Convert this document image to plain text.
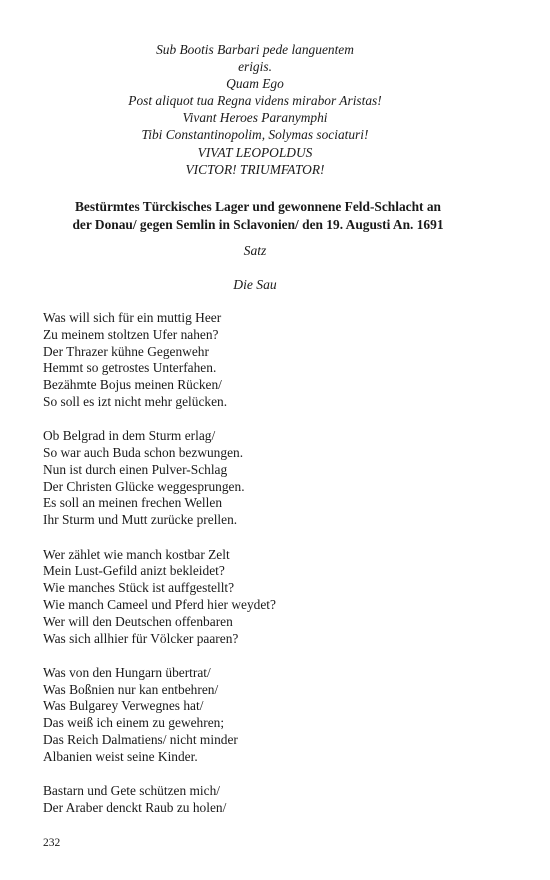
Sub Bootis Barbari pede languentem
erigis.
Quam Ego
Post aliquot tua Regna videns mirabor Aristas!
Vivant Heroes Paranymphi
Tibi Constantinopolim, Solymas sociaturi!
VIVAT LEOPOLDUS
VICTOR! TRIUMFATOR!
Bestürmtes Türckisches Lager und gewonnene Feld-Schlacht an
der Donau/ gegen Semlin in Sclavonien/ den 19. Augusti An. 1691
Satz
Die Sau
Was will sich für ein muttig Heer
Zu meinem stoltzen Ufer nahen?
Der Thrazer kühne Gegenwehr
Hemmt so getrostes Unterfahen.
Bezähmte Bojus meinen Rücken/
So soll es izt nicht mehr gelücken.
Ob Belgrad in dem Sturm erlag/
So war auch Buda schon bezwungen.
Nun ist durch einen Pulver-Schlag
Der Christen Glücke weggesprungen.
Es soll an meinen frechen Wellen
Ihr Sturm und Mutt zurücke prellen.
Wer zählet wie manch kostbar Zelt
Mein Lust-Gefild anizt bekleidet?
Wie manches Stück ist auffgestellt?
Wie manch Cameel und Pferd hier weydet?
Wer will den Deutschen offenbaren
Was sich allhier für Völcker paaren?
Was von den Hungarn übertrat/
Was Boßnien nur kan entbehren/
Was Bulgarey Verwegnes hat/
Das weiß ich einem zu gewehren;
Das Reich Dalmatiens/ nicht minder
Albanien weist seine Kinder.
Bastarn und Gete schützen mich/
Der Araber denckt Raub zu holen/
232
